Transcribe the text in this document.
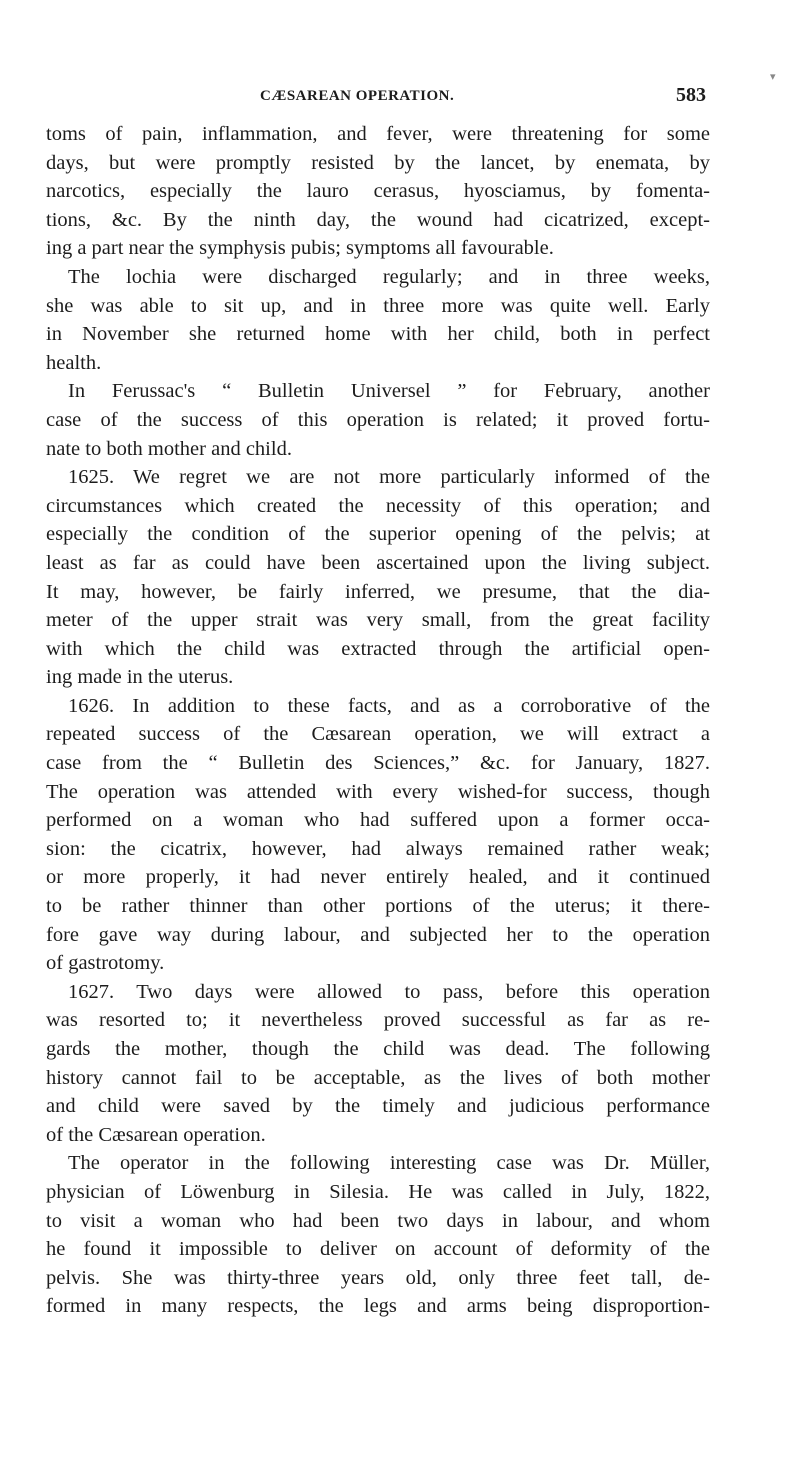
▾
CÆSAREAN OPERATION.	583
toms of pain, inflammation, and fever, were threatening for some
days, but were promptly resisted by the lancet, by enemata, by
narcotics, especially the lauro cerasus, hyosciamus, by fomenta-
tions, &c. By the ninth day, the wound had cicatrized, except-
ing a part near the symphysis pubis; symptoms all favourable.
The lochia were discharged regularly; and in three weeks,
she was able to sit up, and in three more was quite well. Early
in November she returned home with her child, both in perfect
health.
In Ferussac's “ Bulletin Universel ” for February, another
case of the success of this operation is related; it proved fortu-
nate to both mother and child.
1625. We regret we are not more particularly informed of the
circumstances which created the necessity of this operation; and
especially the condition of the superior opening of the pelvis; at
least as far as could have been ascertained upon the living subject.
It may, however, be fairly inferred, we presume, that the dia-
meter of the upper strait was very small, from the great facility
with which the child was extracted through the artificial open-
ing made in the uterus.
1626. In addition to these facts, and as a corroborative of the
repeated success of the Cæsarean operation, we will extract a
case from the “ Bulletin des Sciences,” &c. for January, 1827.
The operation was attended with every wished-for success, though
performed on a woman who had suffered upon a former occa-
sion: the cicatrix, however, had always remained rather weak;
or more properly, it had never entirely healed, and it continued
to be rather thinner than other portions of the uterus; it there-
fore gave way during labour, and subjected her to the operation
of gastrotomy.
1627. Two days were allowed to pass, before this operation
was resorted to; it nevertheless proved successful as far as re-
gards the mother, though the child was dead. The following
history cannot fail to be acceptable, as the lives of both mother
and child were saved by the timely and judicious performance
of the Cæsarean operation.
The operator in the following interesting case was Dr. Müller,
physician of Löwenburg in Silesia. He was called in July, 1822,
to visit a woman who had been two days in labour, and whom
he found it impossible to deliver on account of deformity of the
pelvis. She was thirty-three years old, only three feet tall, de-
formed in many respects, the legs and arms being disproportion-
